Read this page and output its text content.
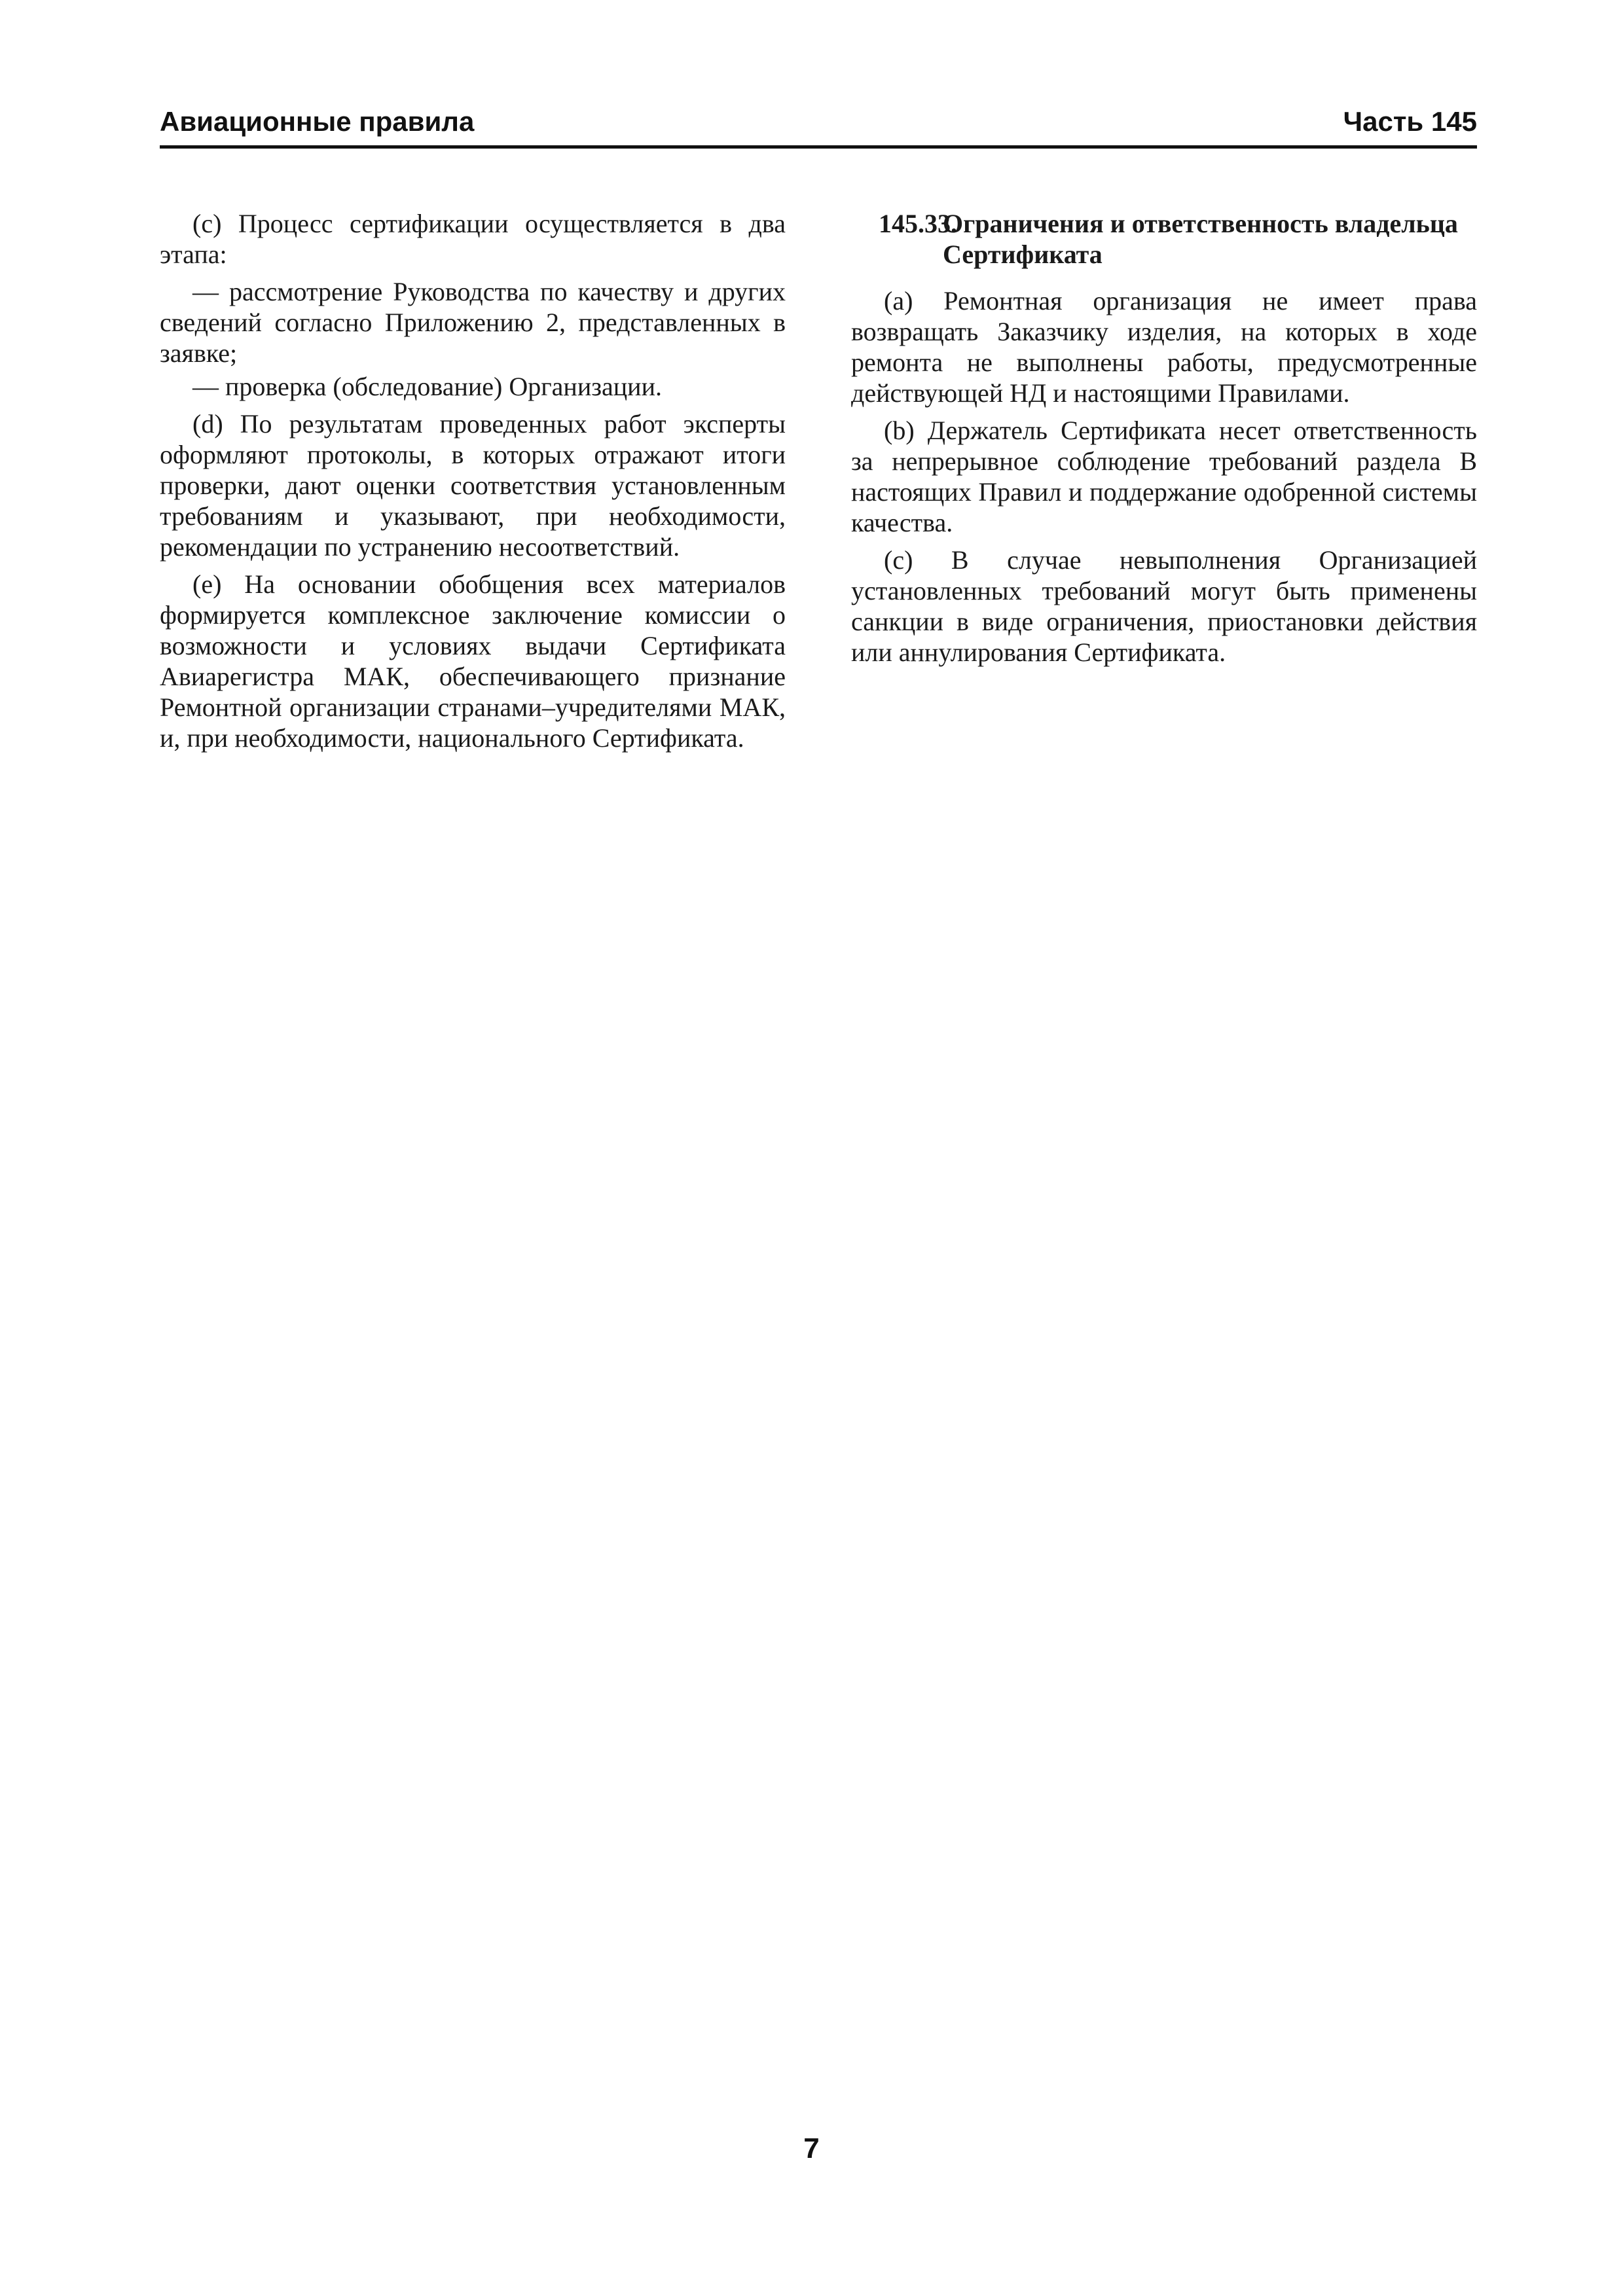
Авиационные правила	Часть 145

(c) Процесс сертификации осуществляется в два этапа:

— рассмотрение Руководства по качеству и других сведений согласно Приложению 2, представленных в заявке;

— проверка (обследование) Организации.

(d) По результатам проведенных работ эксперты оформляют протоколы, в которых отражают итоги проверки, дают оценки соответствия установленным требованиям и указывают, при необходимости, рекомендации по устранению несоответствий.

(e) На основании обобщения всех материалов формируется комплексное заключение комиссии о возможности и условиях выдачи Сертификата Авиарегистра МАК, обеспечивающего признание Ремонтной организации странами–учредителями МАК, и, при необходимости, национального Сертификата.

145.33.
Ограничения и ответственность владельца Сертификата

(a) Ремонтная организация не имеет права возвращать Заказчику изделия, на которых в ходе ремонта не выполнены работы, предусмотренные действующей НД и настоящими Правилами.

(b) Держатель Сертификата несет ответственность за непрерывное соблюдение требований раздела В настоящих Правил и поддержание одобренной системы качества.

(c) В случае невыполнения Организацией установленных требований могут быть применены санкции в виде ограничения, приостановки действия или аннулирования Сертификата.

7
